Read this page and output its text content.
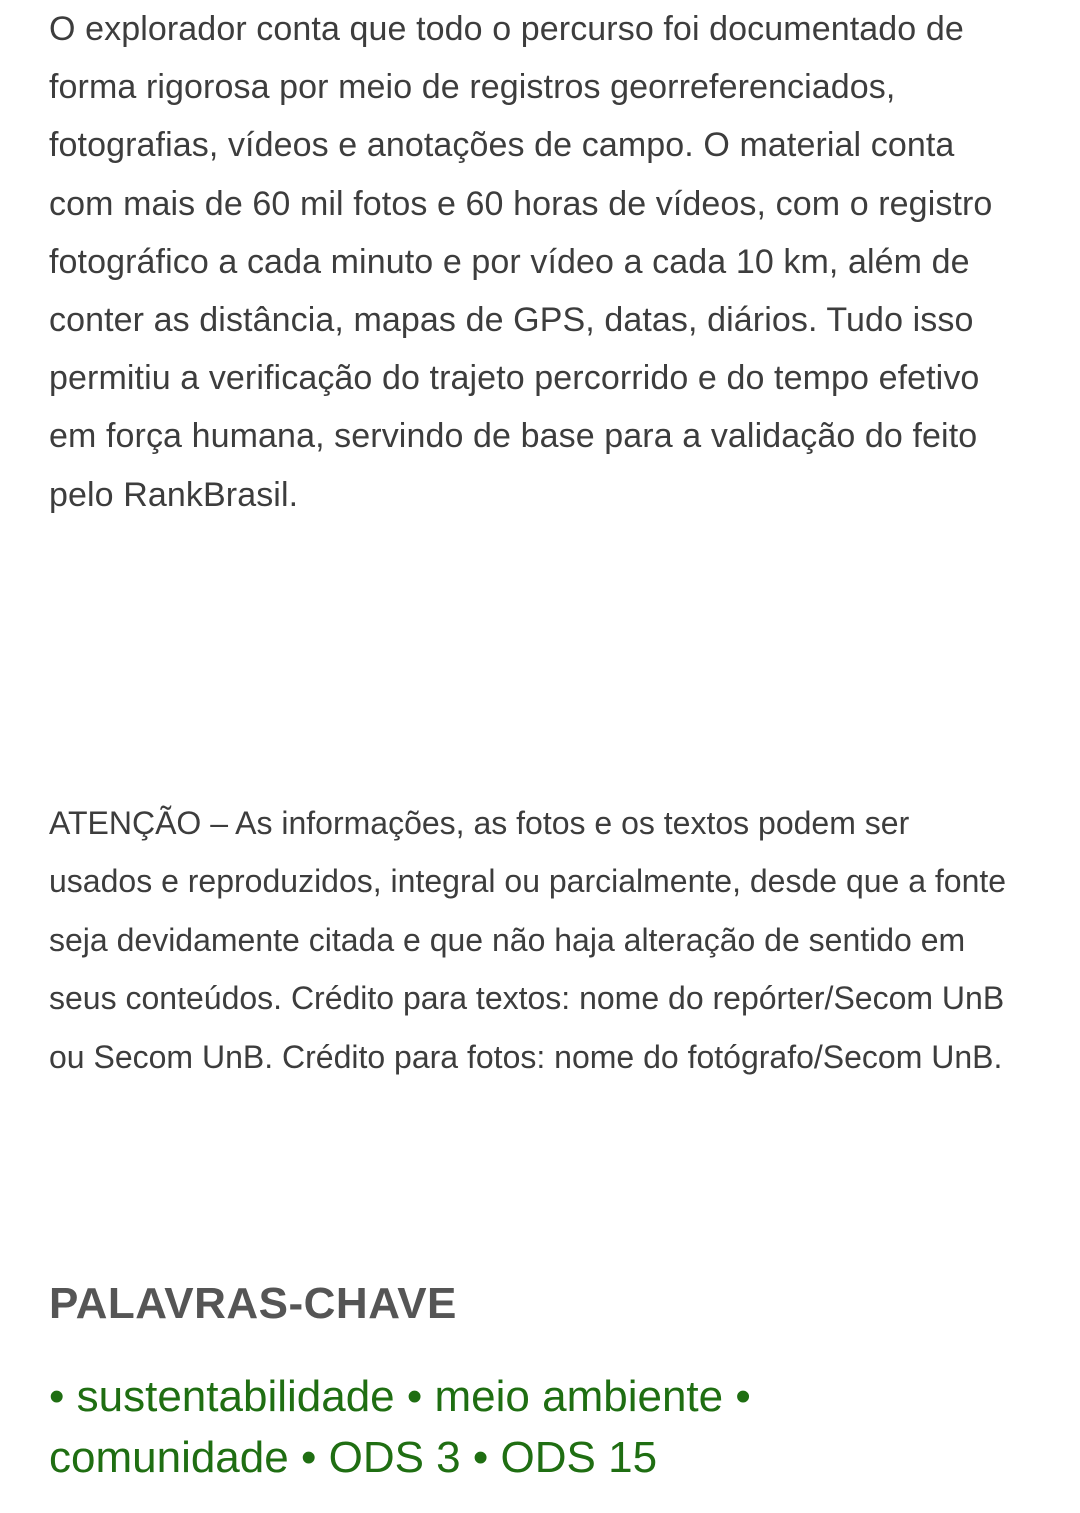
O explorador conta que todo o percurso foi documentado de forma rigorosa por meio de registros georreferenciados, fotografias, vídeos e anotações de campo. O material conta com mais de 60 mil fotos e 60 horas de vídeos, com o registro fotográfico a cada minuto e por vídeo a cada 10 km, além de conter as distância, mapas de GPS, datas, diários. Tudo isso permitiu a verificação do trajeto percorrido e do tempo efetivo em força humana, servindo de base para a validação do feito pelo RankBrasil.

ATENÇÃO – As informações, as fotos e os textos podem ser usados e reproduzidos, integral ou parcialmente, desde que a fonte seja devidamente citada e que não haja alteração de sentido em seus conteúdos. Crédito para textos: nome do repórter/Secom UnB ou Secom UnB. Crédito para fotos: nome do fotógrafo/Secom UnB.

PALAVRAS-CHAVE
• sustentabilidade • meio ambiente • comunidade • ODS 3 • ODS 15
